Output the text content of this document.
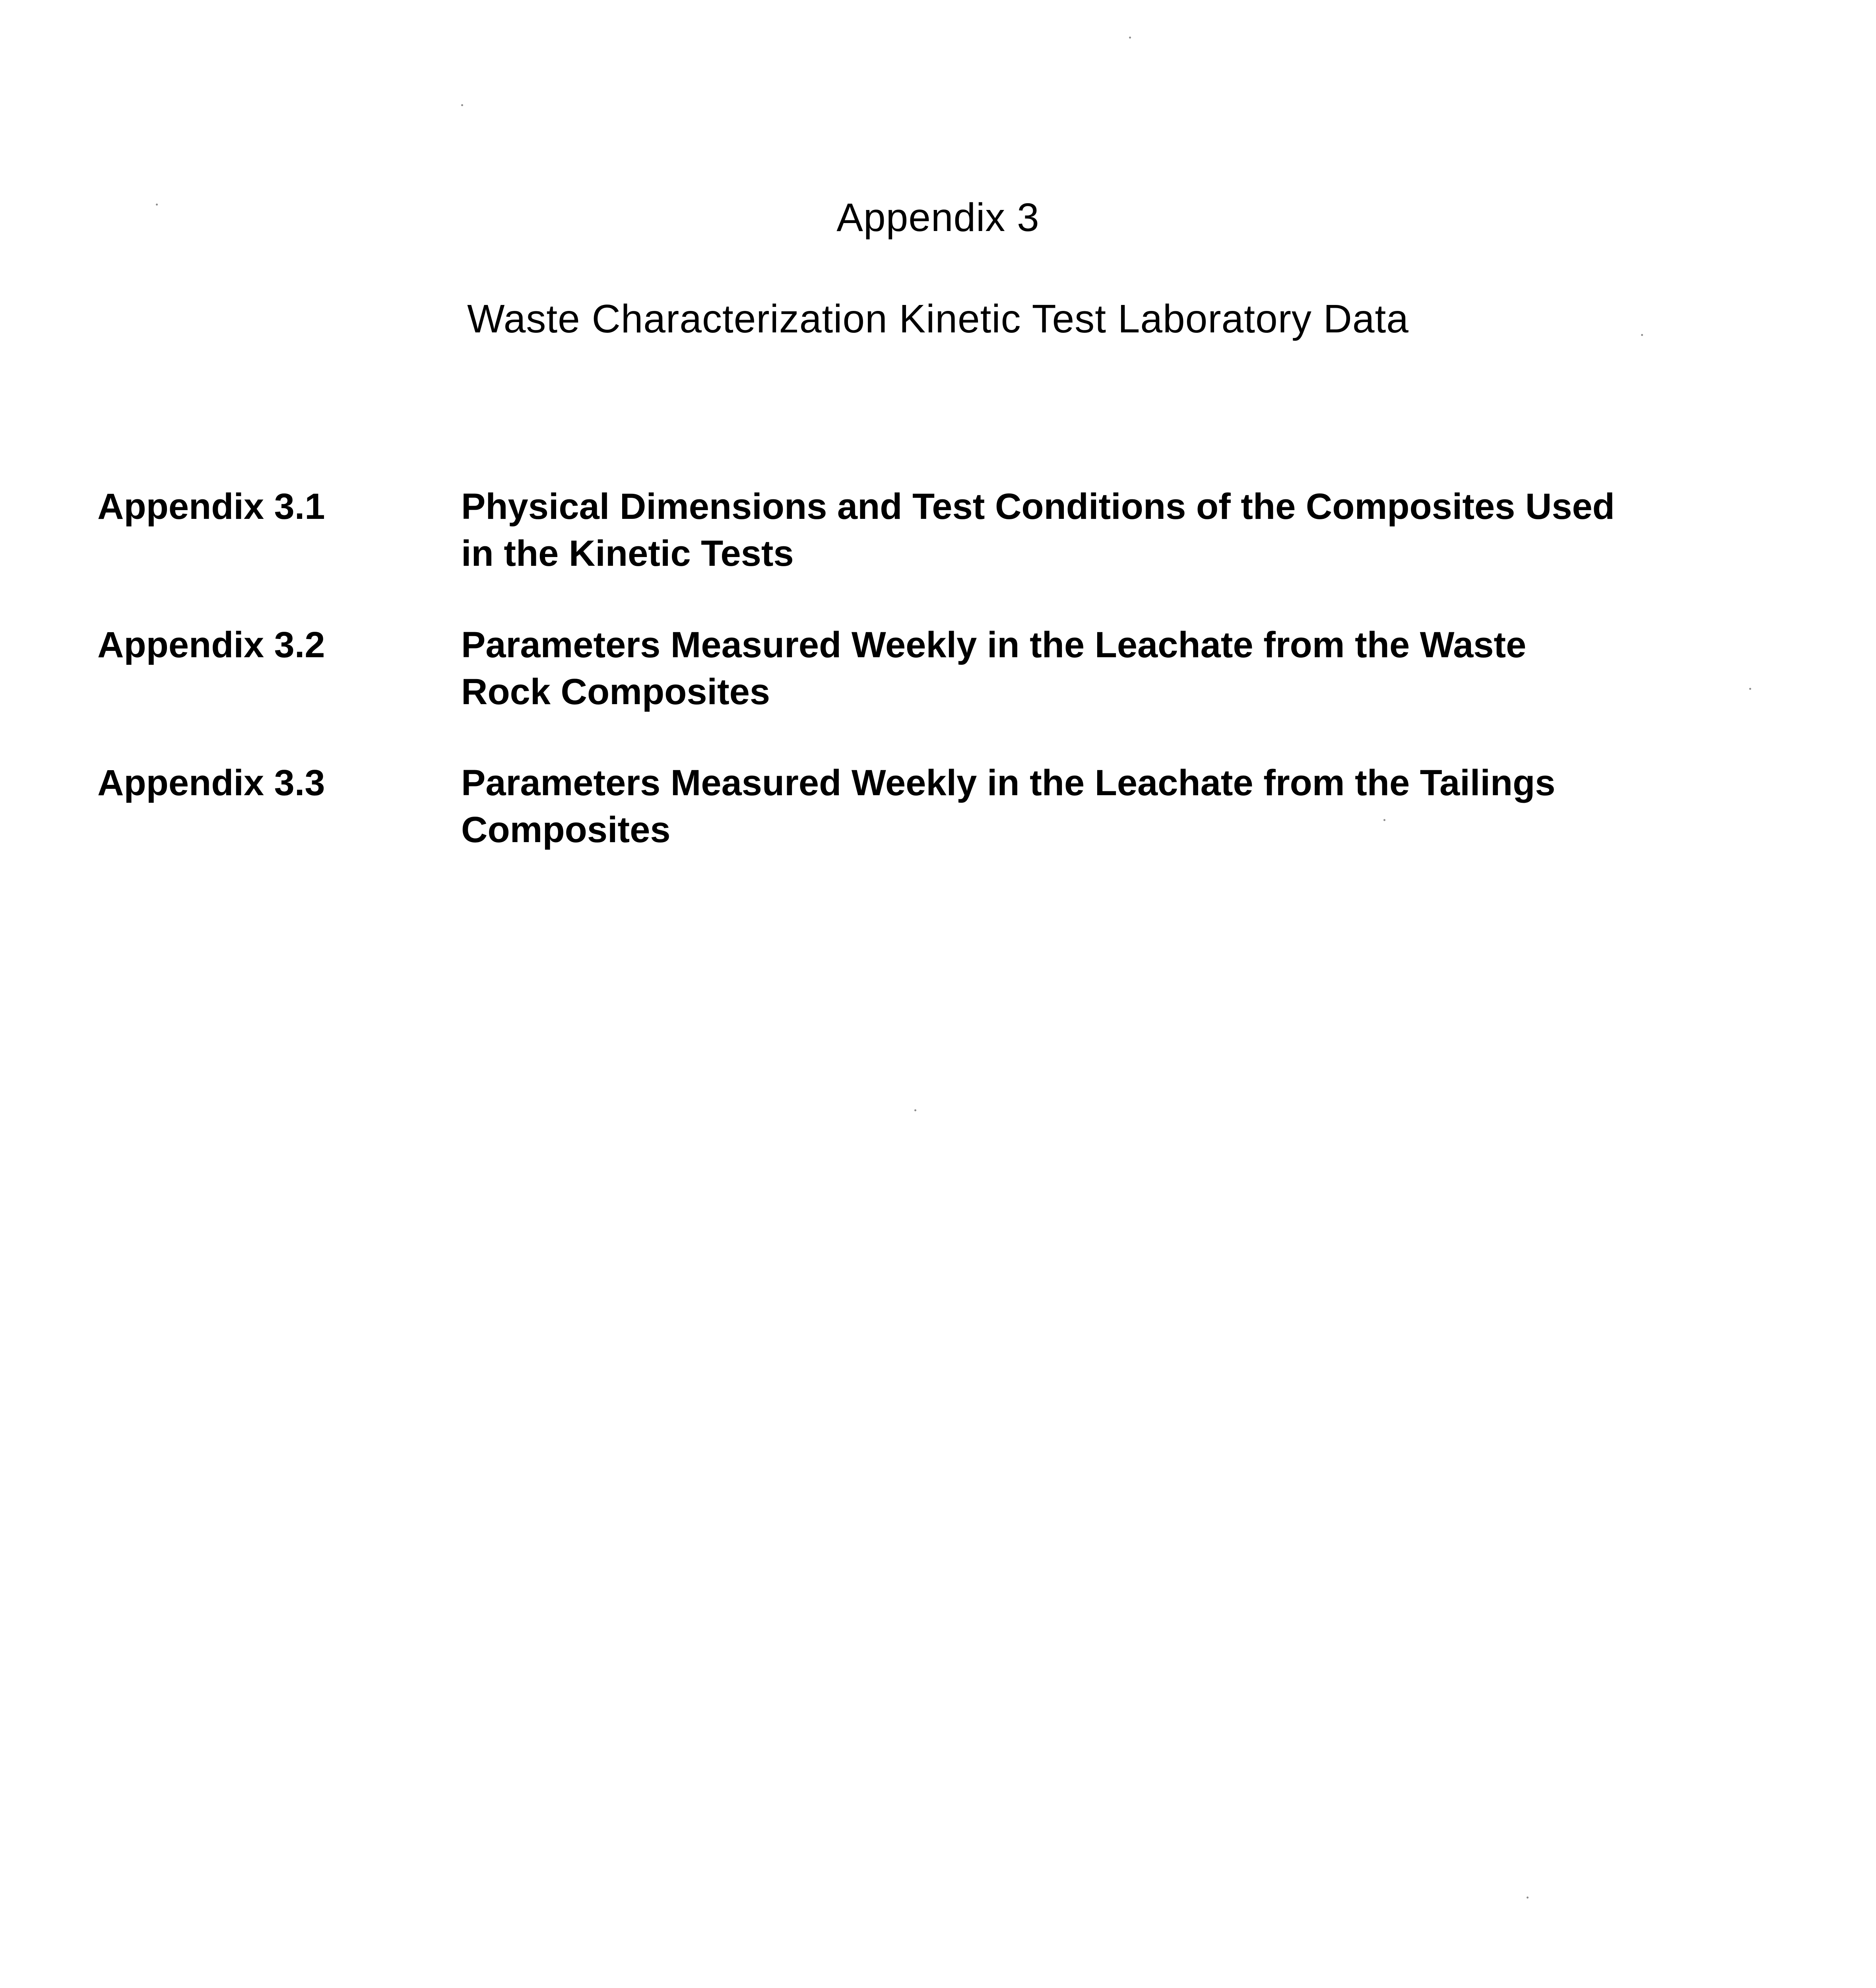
Appendix 3
Waste Characterization Kinetic Test Laboratory Data
Appendix 3.1	Physical Dimensions and Test Conditions of the Composites Used
in the Kinetic Tests
Appendix 3.2	Parameters Measured Weekly in the Leachate from the Waste
Rock Composites
Appendix 3.3	Parameters Measured Weekly in the Leachate from the Tailings
Composites
